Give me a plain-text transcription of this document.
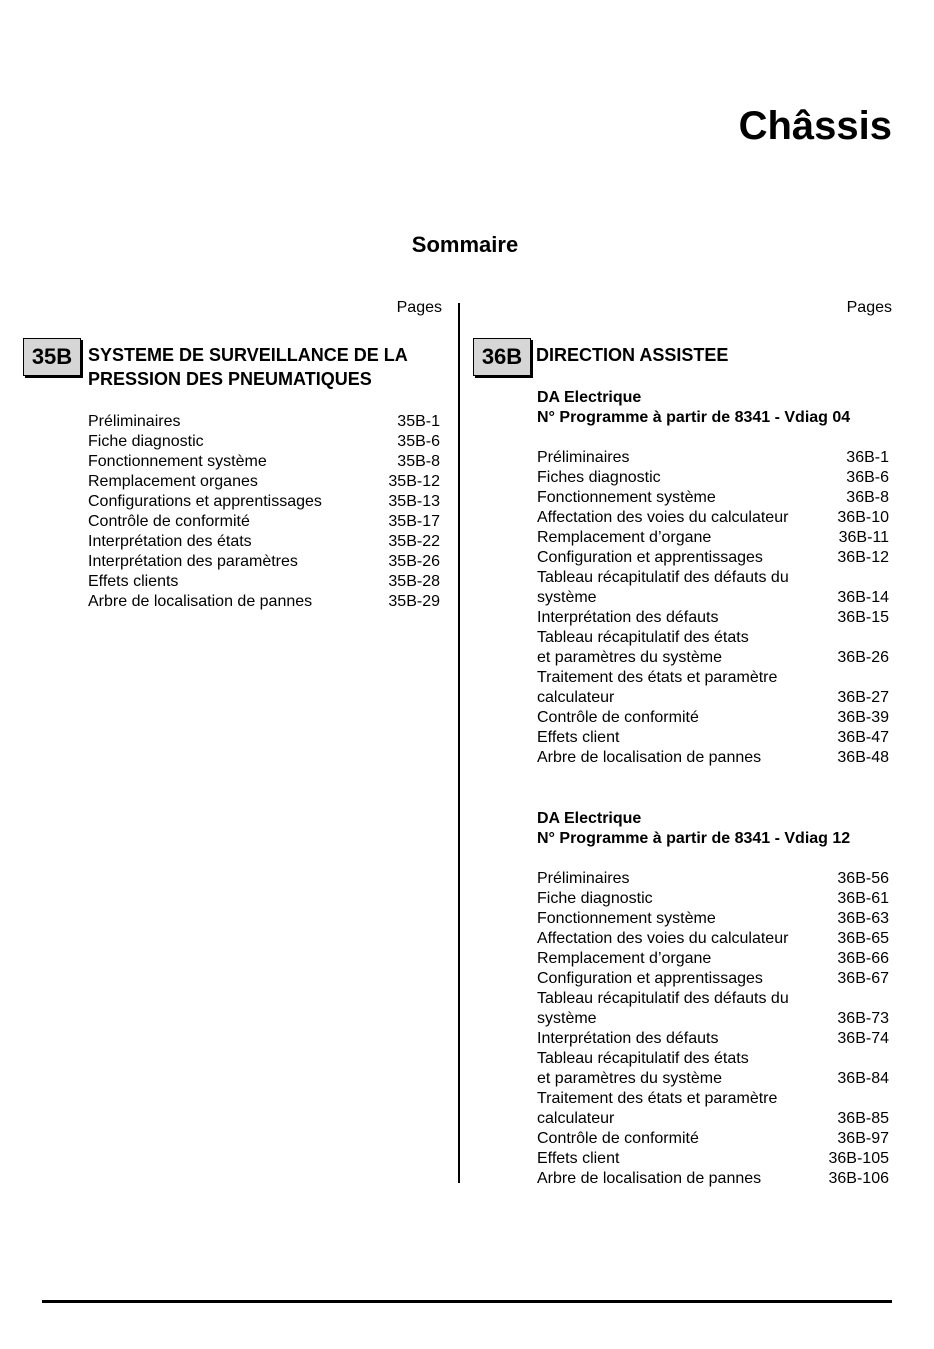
Châssis
Sommaire
Pages	Pages
35B SYSTEME DE SURVEILLANCE DE LA
PRESSION DES PNEUMATIQUES
Préliminaires	35B-1
Fiche diagnostic	35B-6
Fonctionnement système	35B-8
Remplacement organes	35B-12
Configurations et apprentissages	35B-13
Contrôle de conformité	35B-17
Interprétation des états	35B-22
Interprétation des paramètres	35B-26
Effets clients	35B-28
Arbre de localisation de pannes	35B-29
36B DIRECTION ASSISTEE
DA Electrique
N° Programme à partir de 8341 - Vdiag 04
Préliminaires	36B-1
Fiches diagnostic	36B-6
Fonctionnement système	36B-8
Affectation des voies du calculateur	36B-10
Remplacement d’organe	36B-11
Configuration et apprentissages	36B-12
Tableau récapitulatif des défauts du
système	36B-14
Interprétation des défauts	36B-15
Tableau récapitulatif des états
et paramètres du système	36B-26
Traitement des états et paramètre
calculateur	36B-27
Contrôle de conformité	36B-39
Effets client	36B-47
Arbre de localisation de pannes	36B-48
DA Electrique
N° Programme à partir de 8341 - Vdiag 12
Préliminaires	36B-56
Fiche diagnostic	36B-61
Fonctionnement système	36B-63
Affectation des voies du calculateur	36B-65
Remplacement d’organe	36B-66
Configuration et apprentissages	36B-67
Tableau récapitulatif des défauts du
système	36B-73
Interprétation des défauts	36B-74
Tableau récapitulatif des états
et paramètres du système	36B-84
Traitement des états et paramètre
calculateur	36B-85
Contrôle de conformité	36B-97
Effets client	36B-105
Arbre de localisation de pannes	36B-106
